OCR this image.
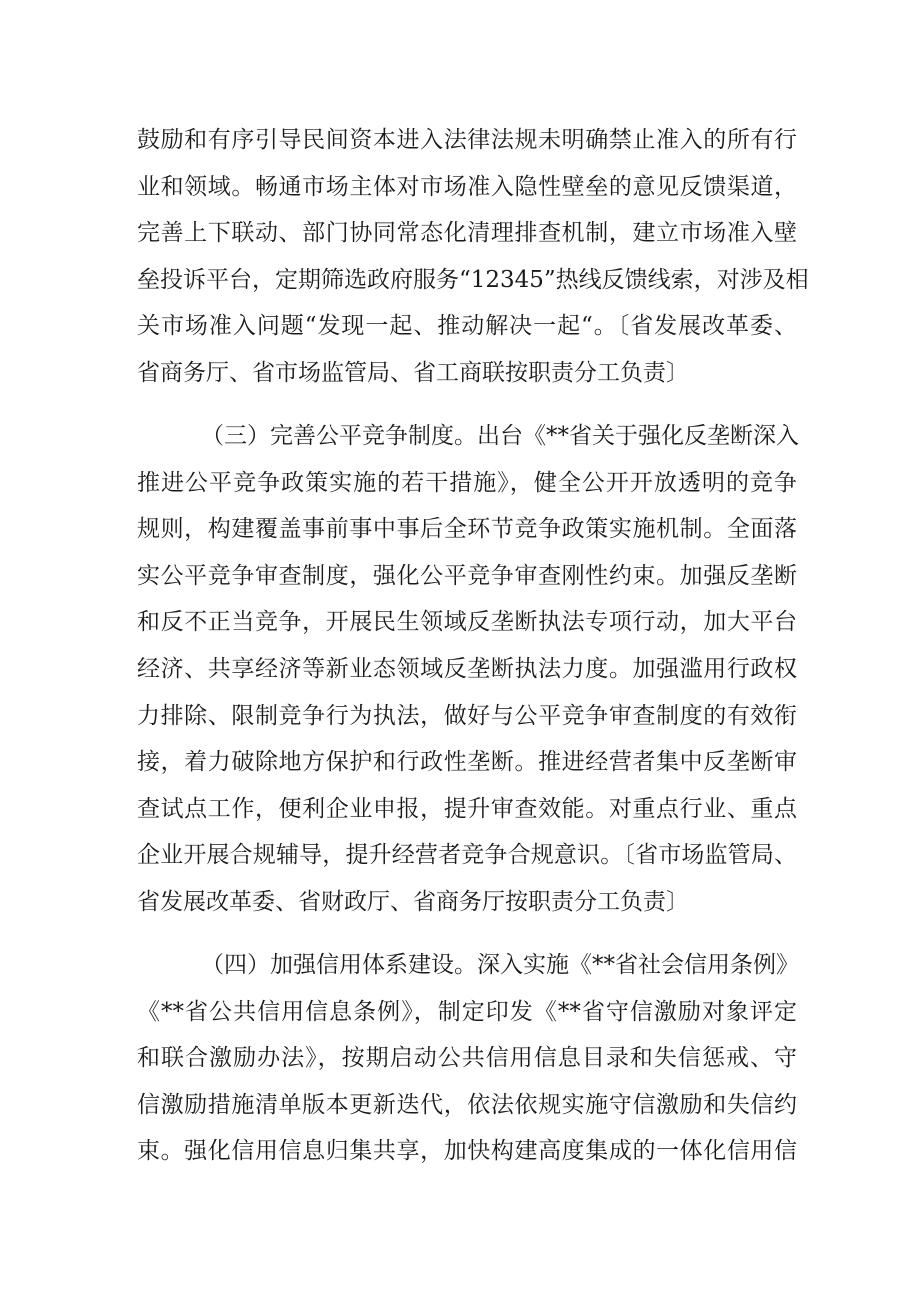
鼓励和有序引导民间资本进入法律法规未明确禁止准入的所有行
业和领域。畅通市场主体对市场准入隐性壁垒的意见反馈渠道，
完善上下联动、部门协同常态化清理排查机制，建立市场准入壁
垒投诉平台，定期筛选政府服务“12345”热线反馈线索，对涉及相
关市场准入问题“发现一起、推动解决一起“。〔省发展改革委、
省商务厅、省市场监管局、省工商联按职责分工负责〕
（三）完善公平竞争制度。出台《**省关于强化反垄断深入
推进公平竞争政策实施的若干措施》，健全公开开放透明的竞争
规则，构建覆盖事前事中事后全环节竞争政策实施机制。全面落
实公平竞争审查制度，强化公平竞争审查刚性约束。加强反垄断
和反不正当竞争，开展民生领域反垄断执法专项行动，加大平台
经济、共享经济等新业态领域反垄断执法力度。加强滥用行政权
力排除、限制竞争行为执法，做好与公平竞争审查制度的有效衔
接，着力破除地方保护和行政性垄断。推进经营者集中反垄断审
查试点工作，便利企业申报，提升审查效能。对重点行业、重点
企业开展合规辅导，提升经营者竞争合规意识。〔省市场监管局、
省发展改革委、省财政厅、省商务厅按职责分工负责〕
（四）加强信用体系建设。深入实施《**省社会信用条例》
《**省公共信用信息条例》，制定印发《**省守信激励对象评定
和联合激励办法》，按期启动公共信用信息目录和失信惩戒、守
信激励措施清单版本更新迭代，依法依规实施守信激励和失信约
束。强化信用信息归集共享，加快构建高度集成的一体化信用信
